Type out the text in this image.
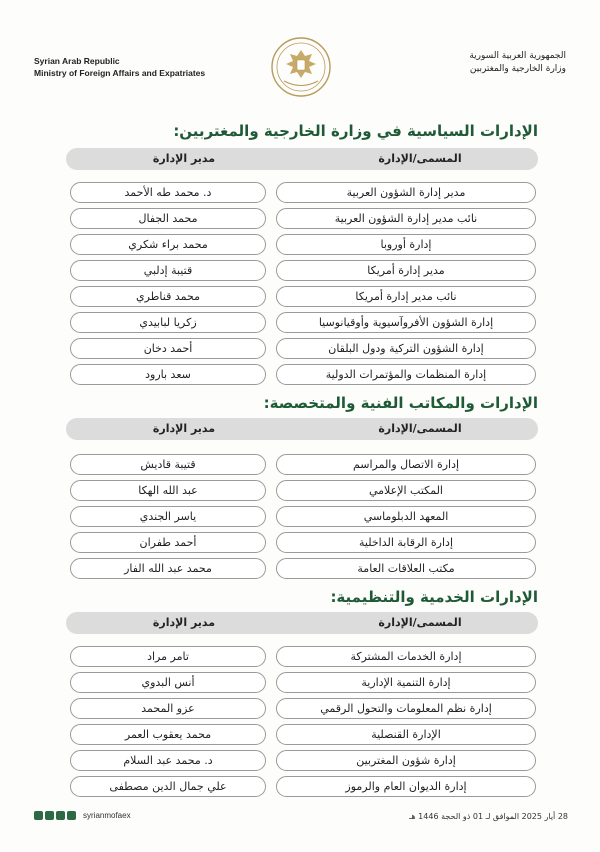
Syrian Arab Republic
Ministry of Foreign Affairs and Expatriates
الجمهورية العربية السورية
وزارة الخارجية والمغتربين
الإدارات السياسية في وزارة الخارجية والمغتربين:
مدير الإدارة	المسمى/الإدارة
د. محمد طه الأحمد	مدير إدارة الشؤون العربية
محمد الجفال	نائب مدير إدارة الشؤون العربية
محمد براء شكري	إدارة أوروبا
قتيبة إدلبي	مدير إدارة أمريكا
محمد قناطري	نائب مدير إدارة أمريكا
زكريا لبابيدي	إدارة الشؤون الأفروآسيوية وأوقيانوسيا
أحمد دخان	إدارة الشؤون التركية ودول البلقان
سعد بارود	إدارة المنظمات والمؤتمرات الدولية
الإدارات والمكاتب الفنية والمتخصصة:
مدير الإدارة	المسمى/الإدارة
قتيبة قاديش	إدارة الاتصال والمراسم
عبد الله الهكا	المكتب الإعلامي
ياسر الجندي	المعهد الدبلوماسي
أحمد طفران	إدارة الرقابة الداخلية
محمد عبد الله الفار	مكتب العلاقات العامة
الإدارات الخدمية والتنظيمية:
مدير الإدارة	المسمى/الإدارة
تامر مراد	إدارة الخدمات المشتركة
أنس البدوي	إدارة التنمية الإدارية
عزو المحمد	إدارة نظم المعلومات والتحول الرقمي
محمد يعقوب العمر	الإدارة القنصلية
د. محمد عبد السلام	إدارة شؤون المغتربين
علي جمال الدين مصطفى	إدارة الديوان العام والرموز
syrianmofaex	28 أيار 2025 الموافق لـ 01 ذو الحجة 1446 هـ
